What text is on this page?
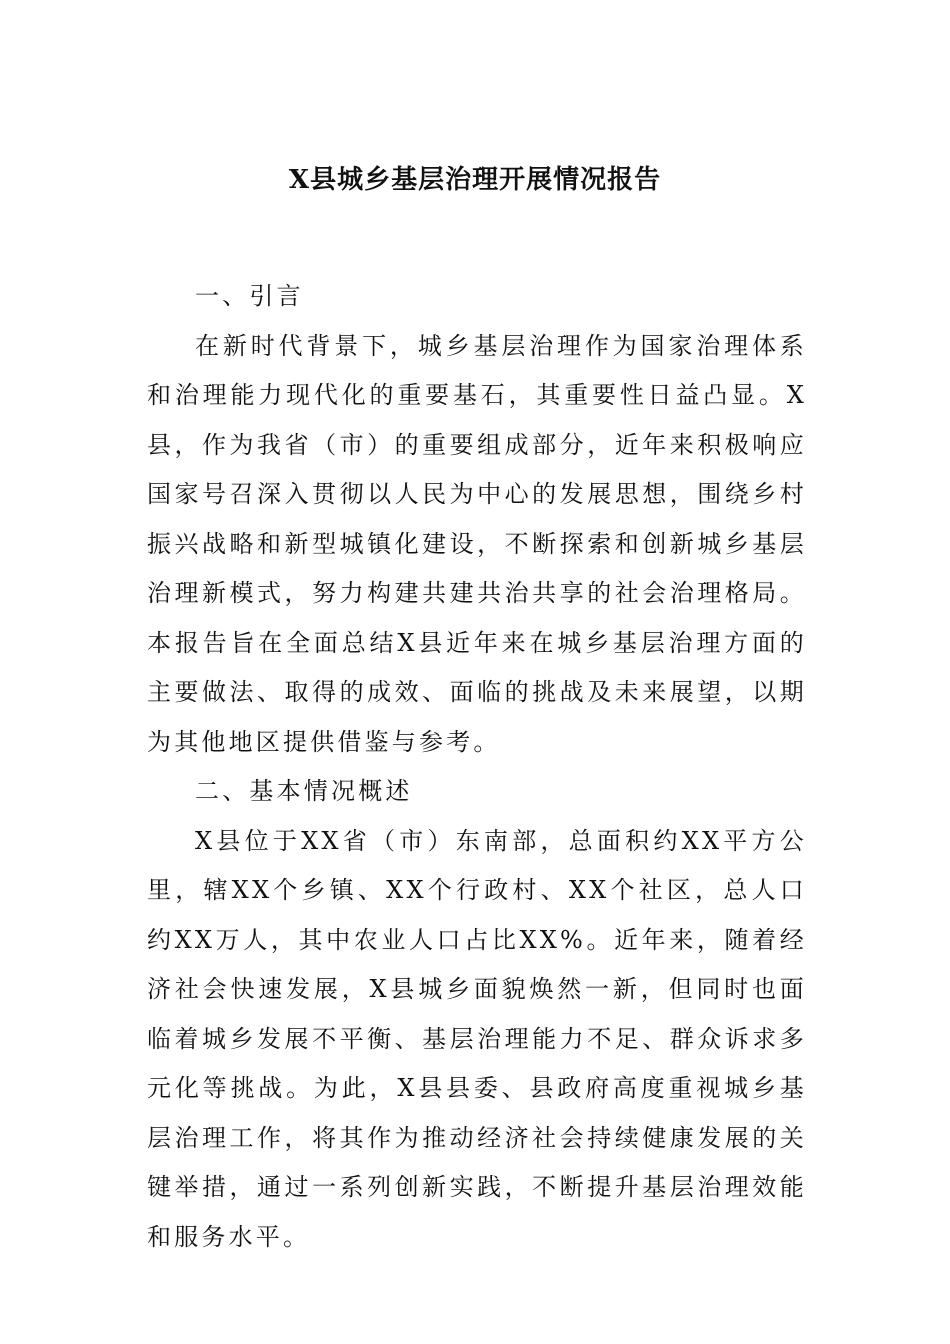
X县城乡基层治理开展情况报告

一、引言

在新时代背景下，城乡基层治理作为国家治理体系和治理能力现代化的重要基石，其重要性日益凸显。X县，作为我省（市）的重要组成部分，近年来积极响应国家号召深入贯彻以人民为中心的发展思想，围绕乡村振兴战略和新型城镇化建设，不断探索和创新城乡基层治理新模式，努力构建共建共治共享的社会治理格局。本报告旨在全面总结X县近年来在城乡基层治理方面的主要做法、取得的成效、面临的挑战及未来展望，以期为其他地区提供借鉴与参考。

二、基本情况概述

X县位于XX省（市）东南部，总面积约XX平方公里，辖XX个乡镇、XX个行政村、XX个社区，总人口约XX万人，其中农业人口占比XX%。近年来，随着经济社会快速发展，X县城乡面貌焕然一新，但同时也面临着城乡发展不平衡、基层治理能力不足、群众诉求多元化等挑战。为此，X县县委、县政府高度重视城乡基层治理工作，将其作为推动经济社会持续健康发展的关键举措，通过一系列创新实践，不断提升基层治理效能和服务水平。
